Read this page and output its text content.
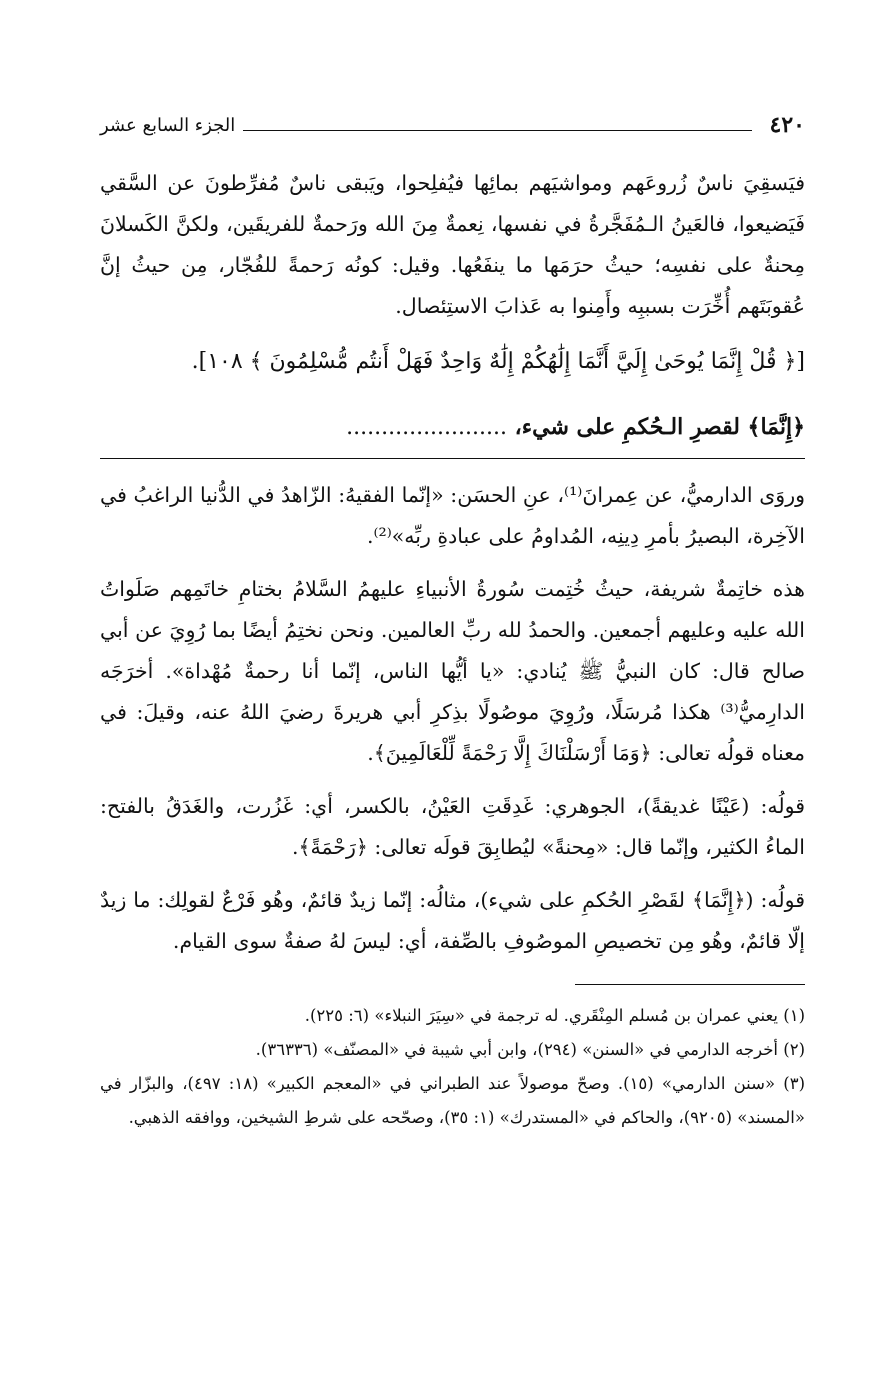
٤٢٠
الجزء السابع عشر

فيَسقِيَ ناسٌ زُروعَهم ومواشيَهم بمائِها فيُفلِحوا، ويَبقى ناسٌ مُفرِّطونَ عن السَّقي فَيَضيعوا، فالعَينُ الـمُفَجَّرةُ في نفسها، نِعمةٌ مِنَ الله ورَحمةٌ للفريقَين، ولكنَّ الكَسلانَ مِحنةٌ على نفسِه؛ حيثُ حرَمَها ما ينفَعُها. وقيل: كونُه رَحمةً للفُجّار، مِن حيثُ إنَّ عُقوبَتَهم أُخِّرَت بسببِه وأَمِنوا به عَذابَ الاستِئصال.

[﴿ قُلْ إِنَّمَا يُوحَىٰ إِلَيَّ أَنَّمَا إِلَٰهُكُمْ إِلَٰهٌ وَاحِدٌ فَهَلْ أَنتُم مُّسْلِمُونَ ﴾ ١٠٨].

﴿إِنَّمَا﴾ لقصرِ الـحُكمِ على شيء، .......................

وروَى الدارميُّ، عن عِمرانَ⁽¹⁾، عنِ الحسَن: «إنّما الفقيهُ: الزّاهدُ في الدُّنيا الراغبُ في الآخِرة، البصيرُ بأمرِ دِينِه، المُداومُ على عبادةِ ربِّه»⁽²⁾.

هذه خاتِمةٌ شريفة، حيثُ خُتِمت سُورةُ الأنبياءِ عليهمُ السَّلامُ بختامِ خاتَمِهم صَلَواتُ الله عليه وعليهم أجمعين. والحمدُ لله ربِّ العالمين. ونحن نختِمُ أيضًا بما رُوِيَ عن أبي صالح قال: كان النبيُّ ﷺ يُنادي: «يا أيُّها الناس، إنّما أنا رحمةٌ مُهْداة». أخرَجَه الدارِميُّ⁽³⁾ هكذا مُرسَلًا، ورُوِيَ موصُولًا بذِكرِ أبي هريرةَ رضيَ اللهُ عنه، وقيلَ: في معناه قولُه تعالى: ﴿وَمَا أَرْسَلْنَاكَ إِلَّا رَحْمَةً لِّلْعَالَمِينَ﴾.

قولُه: (عَيْنًا غديقةً)، الجوهري: غَدِقَتِ العَيْنُ، بالكسر، أي: غَزُرت، والغَدَقُ بالفتح: الماءُ الكثير، وإنّما قال: «مِحنةً» ليُطابِقَ قولَه تعالى: ﴿رَحْمَةً﴾.

قولُه: (﴿إِنَّمَا﴾ لقَصْرِ الحُكمِ على شيء)، مثالُه: إنّما زيدٌ قائمٌ، وهُو فَرْعٌ لقولِك: ما زيدٌ إلّا قائمٌ، وهُو مِن تخصيصِ الموصُوفِ بالصِّفة، أي: ليسَ لهُ صفةٌ سوى القيام.

(١) يعني عمران بن مُسلم المِنْقَري. له ترجمة في «سِيَرَ النبلاء» (٦: ٢٢٥).

(٢) أخرجه الدارمي في «السنن» (٢٩٤)، وابن أبي شيبة في «المصنّف» (٣٦٣٣٦).

(٣) «سنن الدارمي» (١٥). وصحّ موصولاً عند الطبراني في «المعجم الكبير» (١٨: ٤٩٧)، والبزّار في «المسند» (٩٢٠٥)، والحاكم في «المستدرك» (١: ٣٥)، وصحّحه على شرطِ الشيخين، ووافقه الذهبي.
